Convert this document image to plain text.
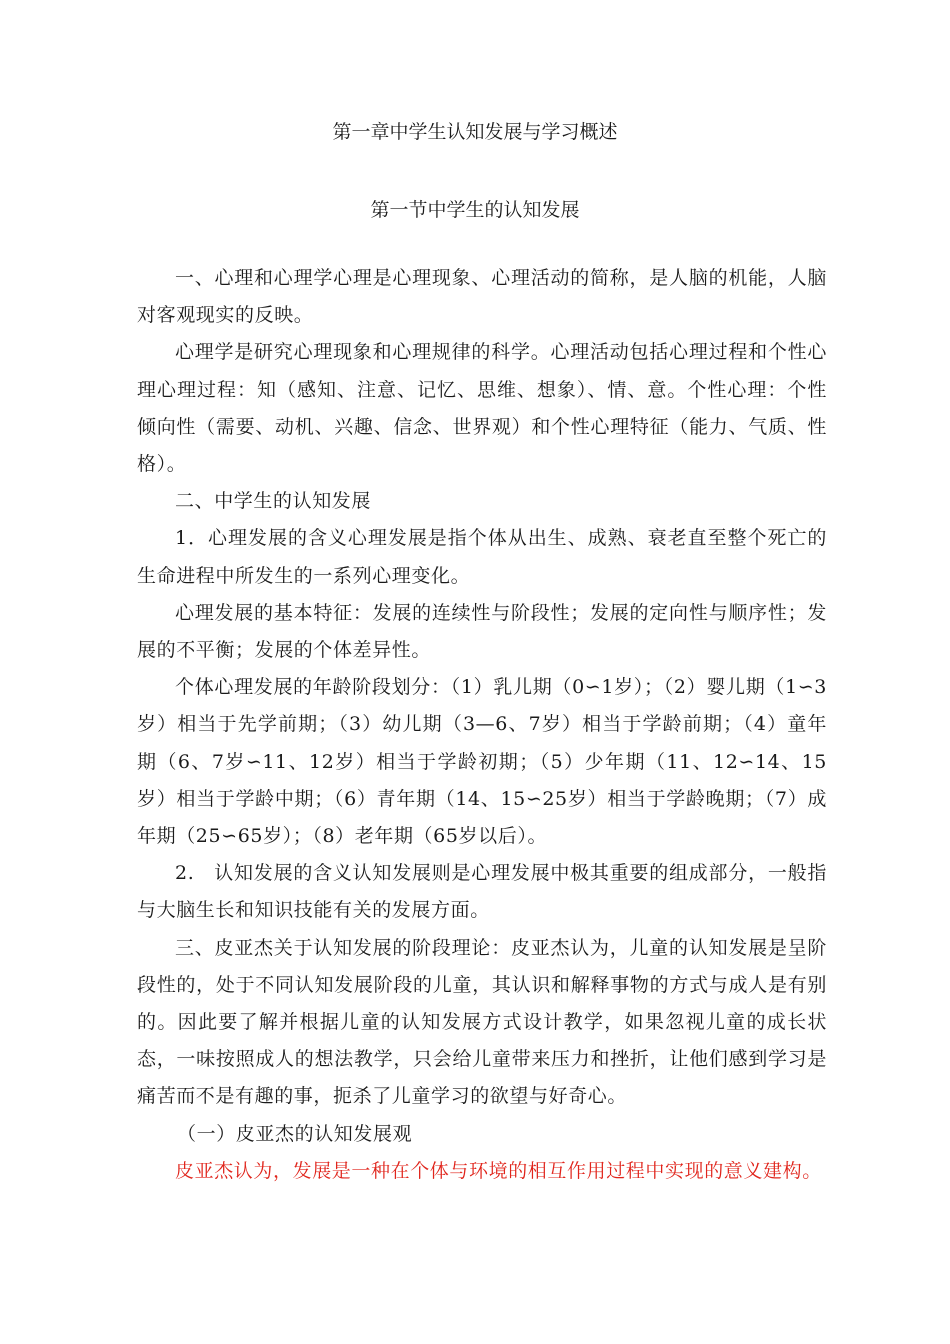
第一章中学生认知发展与学习概述
第一节中学生的认知发展

一、心理和心理学心理是心理现象、心理活动的简称，是人脑的机能，人脑对客观现实的反映。

心理学是研究心理现象和心理规律的科学。心理活动包括心理过程和个性心理心理过程：知（感知、注意、记忆、思维、想象）、情、意。个性心理：个性倾向性（需要、动机、兴趣、信念、世界观）和个性心理特征（能力、气质、性格）。

二、中学生的认知发展

1．心理发展的含义心理发展是指个体从出生、成熟、衰老直至整个死亡的生命进程中所发生的一系列心理变化。

心理发展的基本特征：发展的连续性与阶段性；发展的定向性与顺序性；发展的不平衡；发展的个体差异性。

个体心理发展的年龄阶段划分：（1）乳儿期（0∽1岁）；（2）婴儿期（1∽3岁）相当于先学前期；（3）幼儿期（3—6、7岁）相当于学龄前期；（4）童年期（6、7岁∽11、12岁）相当于学龄初期；（5）少年期（11、12∽14、15岁）相当于学龄中期；（6）青年期（14、15∽25岁）相当于学龄晚期；（7）成年期（25∽65岁）；（8）老年期（65岁以后）。

2.　认知发展的含义认知发展则是心理发展中极其重要的组成部分，一般指与大脑生长和知识技能有关的发展方面。

三、皮亚杰关于认知发展的阶段理论：皮亚杰认为，儿童的认知发展是呈阶段性的，处于不同认知发展阶段的儿童，其认识和解释事物的方式与成人是有别的。因此要了解并根据儿童的认知发展方式设计教学，如果忽视儿童的成长状态，一味按照成人的想法教学，只会给儿童带来压力和挫折，让他们感到学习是痛苦而不是有趣的事，扼杀了儿童学习的欲望与好奇心。

（一）皮亚杰的认知发展观

皮亚杰认为，发展是一种在个体与环境的相互作用过程中实现的意义建构。
